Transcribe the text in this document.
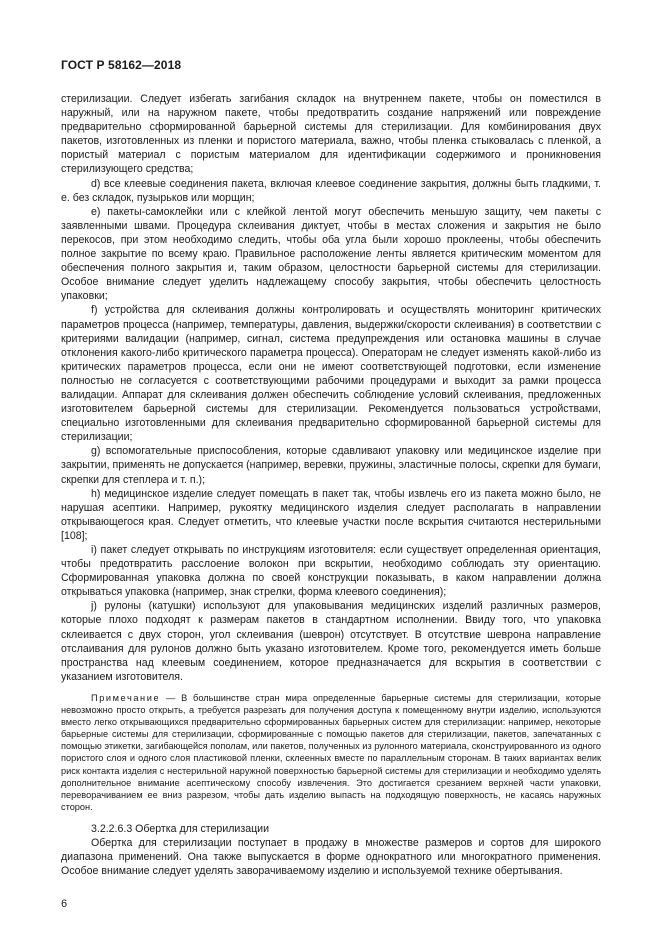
ГОСТ Р 58162—2018

стерилизации. Следует избегать загибания складок на внутреннем пакете, чтобы он поместился в наружный, или на наружном пакете, чтобы предотвратить создание напряжений или повреждение предварительно сформированной барьерной системы для стерилизации. Для комбинирования двух пакетов, изготовленных из пленки и пористого материала, важно, чтобы пленка стыковалась с пленкой, а пористый материал с пористым материалом для идентификации содержимого и проникновения стерилизующего средства;

d) все клеевые соединения пакета, включая клеевое соединение закрытия, должны быть гладкими, т. е. без складок, пузырьков или морщин;

e) пакеты-самоклейки или с клейкой лентой могут обеспечить меньшую защиту, чем пакеты с заявленными швами. Процедура склеивания диктует, чтобы в местах сложения и закрытия не было перекосов, при этом необходимо следить, чтобы оба угла были хорошо проклеены, чтобы обеспечить полное закрытие по всему краю. Правильное расположение ленты является критическим моментом для обеспечения полного закрытия и, таким образом, целостности барьерной системы для стерилизации. Особое внимание следует уделить надлежащему способу закрытия, чтобы обеспечить целостность упаковки;

f) устройства для склеивания должны контролировать и осуществлять мониторинг критических параметров процесса (например, температуры, давления, выдержки/скорости склеивания) в соответствии с критериями валидации (например, сигнал, система предупреждения или остановка машины в случае отклонения какого-либо критического параметра процесса). Операторам не следует изменять какой-либо из критических параметров процесса, если они не имеют соответствующей подготовки, если изменение полностью не согласуется с соответствующими рабочими процедурами и выходит за рамки процесса валидации. Аппарат для склеивания должен обеспечить соблюдение условий склеивания, предложенных изготовителем барьерной системы для стерилизации. Рекомендуется пользоваться устройствами, специально изготовленными для склеивания предварительно сформированной барьерной системы для стерилизации;

g) вспомогательные приспособления, которые сдавливают упаковку или медицинское изделие при закрытии, применять не допускается (например, веревки, пружины, эластичные полосы, скрепки для бумаги, скрепки для степлера и т. п.);

h) медицинское изделие следует помещать в пакет так, чтобы извлечь его из пакета можно было, не нарушая асептики. Например, рукоятку медицинского изделия следует располагать в направлении открывающегося края. Следует отметить, что клеевые участки после вскрытия считаются нестерильными [108];

i) пакет следует открывать по инструкциям изготовителя: если существует определенная ориентация, чтобы предотвратить расслоение волокон при вскрытии, необходимо соблюдать эту ориентацию. Сформированная упаковка должна по своей конструкции показывать, в каком направлении должна открываться упаковка (например, знак стрелки, форма клеевого соединения);

j) рулоны (катушки) используют для упаковывания медицинских изделий различных размеров, которые плохо подходят к размерам пакетов в стандартном исполнении. Ввиду того, что упаковка склеивается с двух сторон, угол склеивания (шеврон) отсутствует. В отсутствие шеврона направление отслаивания для рулонов должно быть указано изготовителем. Кроме того, рекомендуется иметь больше пространства над клеевым соединением, которое предназначается для вскрытия в соответствии с указанием изготовителя.

Примечание — В большинстве стран мира определенные барьерные системы для стерилизации, которые невозможно просто открыть, а требуется разрезать для получения доступа к помещенному внутри изделию, используются вместо легко открывающихся предварительно сформированных барьерных систем для стерилизации: например, некоторые барьерные системы для стерилизации, сформированные с помощью пакетов для стерилизации, пакетов, запечатанных с помощью этикетки, загибающейся пополам, или пакетов, полученных из рулонного материала, сконструированного из одного пористого слоя и одного слоя пластиковой пленки, склеенных вместе по параллельным сторонам. В таких вариантах велик риск контакта изделия с нестерильной наружной поверхностью барьерной системы для стерилизации и необходимо уделять дополнительное внимание асептическому способу извлечения. Это достигается срезанием верхней части упаковки, переворачиванием ее вниз разрезом, чтобы дать изделию выпасть на подходящую поверхность, не касаясь наружных сторон.

3.2.2.6.3 Обертка для стерилизации

Обертка для стерилизации поступает в продажу в множестве размеров и сортов для широкого диапазона применений. Она также выпускается в форме однократного или многократного применения. Особое внимание следует уделять заворачиваемому изделию и используемой технике обертывания.

6
